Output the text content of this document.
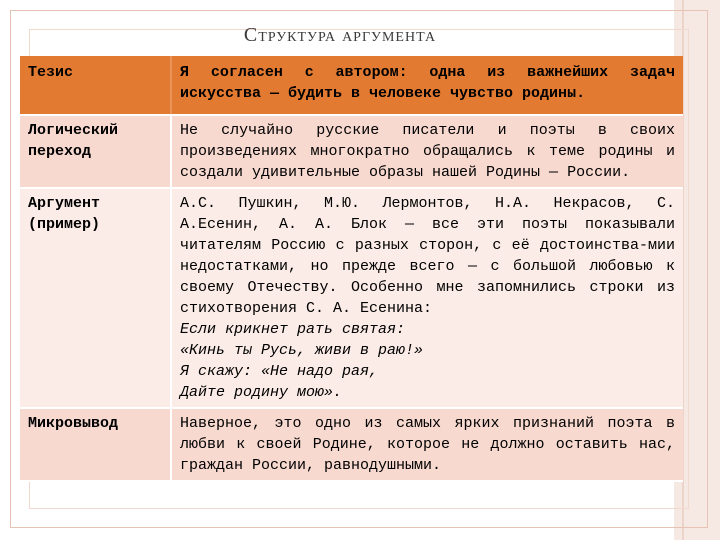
Структура аргумента
Тезис	Я согласен с автором: одна из важнейших задач искусства — будить в человеке чувство родины.
Логический переход	Не случайно русские писатели и поэты в своих произведениях многократно обращались к теме родины и создали удивительные образы нашей Родины — России.
Аргумент (пример)	А.С. Пушкин, М.Ю. Лермонтов, Н.А. Некрасов, С. А.Есенин, А. А. Блок — все эти поэты показывали читателям Россию с разных сторон, с её достоинства-мии недостатками, но прежде всего — с большой любовью к своему Отечеству. Особенно мне запомнились строки из стихотворения С. А. Есенина:
Если крикнет рать святая:
«Кинь ты Русь, живи в раю!»
Я скажу: «Не надо рая,
Дайте родину мою».

Микровывод	Наверное, это одно из самых ярких признаний поэта в любви к своей Родине, которое не должно оставить нас, граждан России, равнодушными.
